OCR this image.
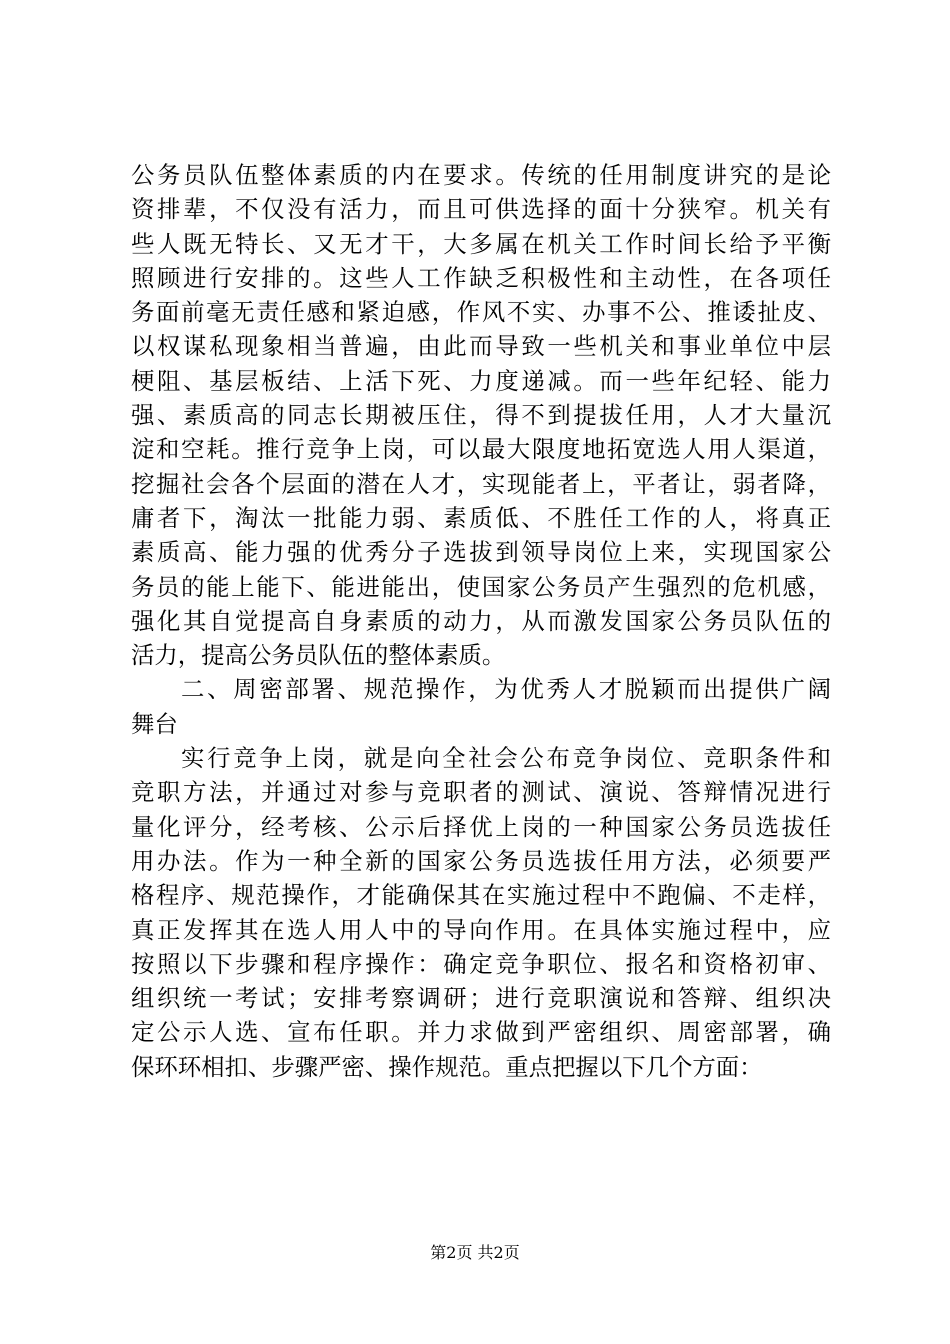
公务员队伍整体素质的内在要求。传统的任用制度讲究的是论
资排辈，不仅没有活力，而且可供选择的面十分狭窄。机关有
些人既无特长、又无才干，大多属在机关工作时间长给予平衡
照顾进行安排的。这些人工作缺乏积极性和主动性，在各项任
务面前毫无责任感和紧迫感，作风不实、办事不公、推诿扯皮、
以权谋私现象相当普遍，由此而导致一些机关和事业单位中层
梗阻、基层板结、上活下死、力度递减。而一些年纪轻、能力
强、素质高的同志长期被压住，得不到提拔任用，人才大量沉
淀和空耗。推行竞争上岗，可以最大限度地拓宽选人用人渠道，
挖掘社会各个层面的潜在人才，实现能者上，平者让，弱者降，
庸者下，淘汰一批能力弱、素质低、不胜任工作的人，将真正
素质高、能力强的优秀分子选拔到领导岗位上来，实现国家公
务员的能上能下、能进能出，使国家公务员产生强烈的危机感，
强化其自觉提高自身素质的动力，从而激发国家公务员队伍的
活力，提高公务员队伍的整体素质。
二、周密部署、规范操作，为优秀人才脱颖而出提供广阔
舞台
实行竞争上岗，就是向全社会公布竞争岗位、竞职条件和
竞职方法，并通过对参与竞职者的测试、演说、答辩情况进行
量化评分，经考核、公示后择优上岗的一种国家公务员选拔任
用办法。作为一种全新的国家公务员选拔任用方法，必须要严
格程序、规范操作，才能确保其在实施过程中不跑偏、不走样，
真正发挥其在选人用人中的导向作用。在具体实施过程中，应
按照以下步骤和程序操作：确定竞争职位、报名和资格初审、
组织统一考试；安排考察调研；进行竞职演说和答辩、组织决
定公示人选、宣布任职。并力求做到严密组织、周密部署，确
保环环相扣、步骤严密、操作规范。重点把握以下几个方面：
第2页 共2页
